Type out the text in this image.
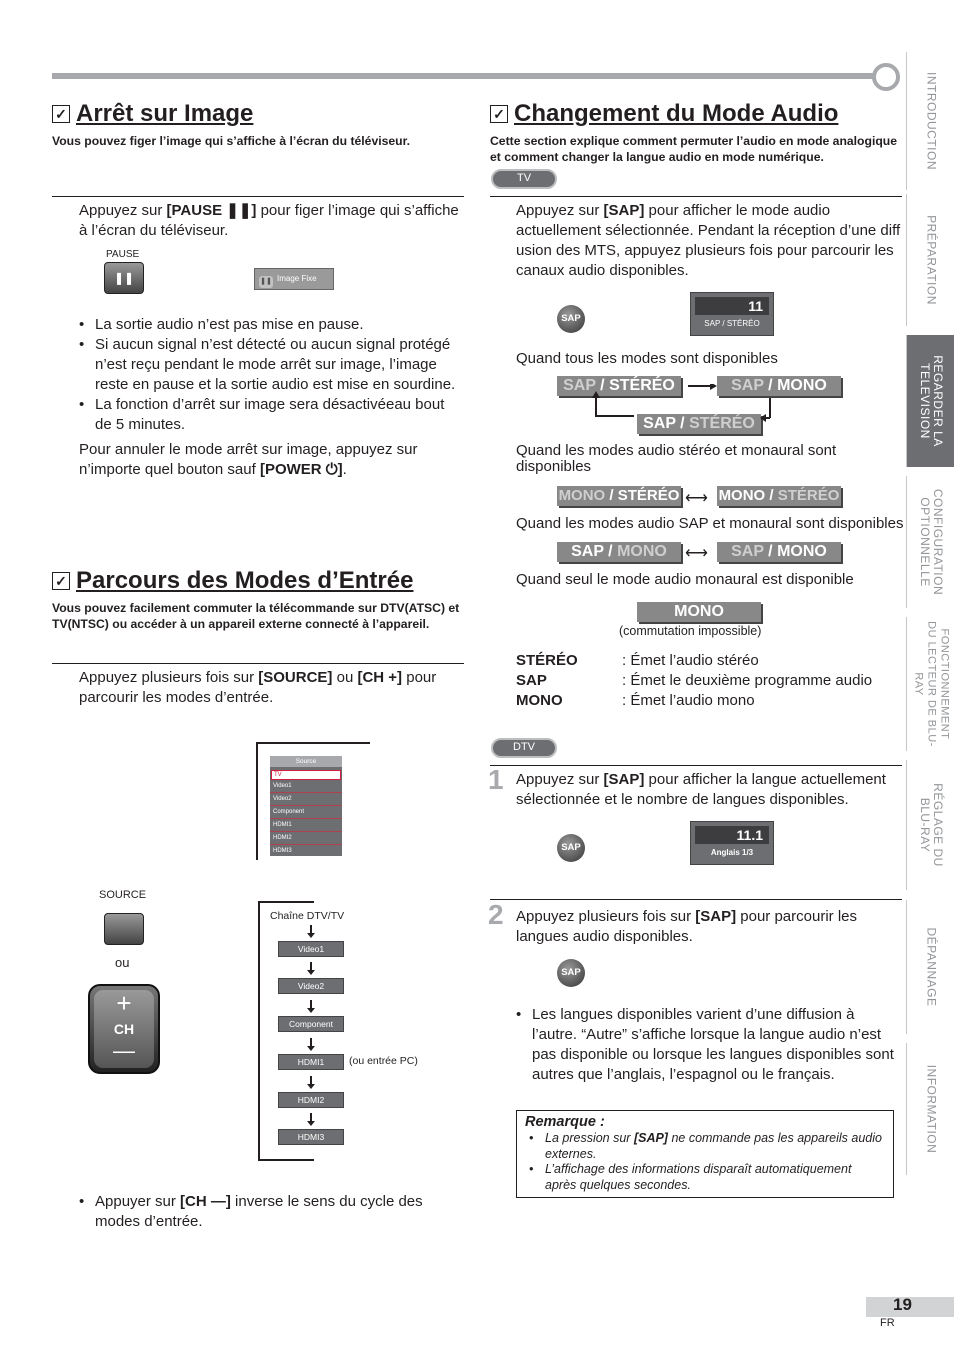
INTRODUCTION
PRÉPARATION
REGARDER LA TELEVISION
CONFIGURATION OPTIONNELLE
FONCTIONNEMENT DU LECTEUR DE BLU-RAY
RÉGLAGE DU BLU-RAY
DÉPANNAGE
INFORMATION
✓ Arrêt sur Image
Vous pouvez figer l’image qui s’affiche à l’écran du téléviseur.
Appuyez sur [PAUSE ❚❚] pour figer l’image qui s’affiche à l’écran du téléviseur.
PAUSE
❚❚	❚❚ Image Fixe
• La sortie audio n’est pas mise en pause.
• Si aucun signal n’est détecté ou aucun signal protégé n’est reçu pendant le mode arrêt sur image, l’image reste en pause et la sortie audio est mise en sourdine.
• La fonction d’arrêt sur image sera désactivéeau bout de 5 minutes.
Pour annuler le mode arrêt sur image, appuyez sur n’importe quel bouton sauf [POWER ⏻].
✓ Parcours des Modes d’Entrée
Vous pouvez facilement commuter la télécommande sur DTV(ATSC) et TV(NTSC) ou accéder à un appareil externe connecté à l’appareil.
Appuyez plusieurs fois sur [SOURCE] ou [CH +] pour parcourir les modes d’entrée.
Source
TV
Video1
Video2
Component
HDMI1
HDMI2
HDMI3
SOURCE
ou
+
CH
—
Chaîne DTV/TV
Video1
Video2
Component
HDMI1	(ou entrée PC)
HDMI2
HDMI3
• Appuyer sur [CH —] inverse le sens du cycle des modes d’entrée.
✓ Changement du Mode Audio
Cette section explique comment permuter l’audio en mode analogique et comment changer la langue audio en mode numérique.
TV
Appuyez sur [SAP] pour afficher le mode audio actuellement sélectionnée. Pendant la réception d’une diff usion des MTS, appuyez plusieurs fois pour parcourir les canaux audio disponibles.
SAP
11
SAP / STÉRÉO
Quand tous les modes sont disponibles
SAP / STÉRÉO	SAP / MONO
SAP / STÉRÉO
Quand les modes audio stéréo et monaural sont disponibles
MONO / STÉRÉO	MONO / STÉRÉO
⟷
Quand les modes audio SAP et monaural sont disponibles
SAP / MONO	SAP / MONO
⟷
Quand seul le mode audio monaural est disponible
MONO
(commutation impossible)
STÉRÉO	: Émet l’audio stéréo
SAP	: Émet le deuxième programme audio
MONO	: Émet l’audio mono
DTV
1 Appuyez sur [SAP] pour afficher la langue actuellement sélectionnée et le nombre de langues disponibles.
SAP
11.1
Anglais 1/3
2 Appuyez plusieurs fois sur [SAP] pour parcourir les langues audio disponibles.
SAP
• Les langues disponibles varient d’une diffusion à l’autre. “Autre” s’affiche lorsque la langue audio n’est pas disponible ou lorsque les langues disponibles sont autres que l’anglais, l’espagnol ou le français.
Remarque :
• La pression sur [SAP] ne commande pas les appareils audio externes.
• L’affichage des informations disparaît automatiquement après quelques secondes.
19
FR
